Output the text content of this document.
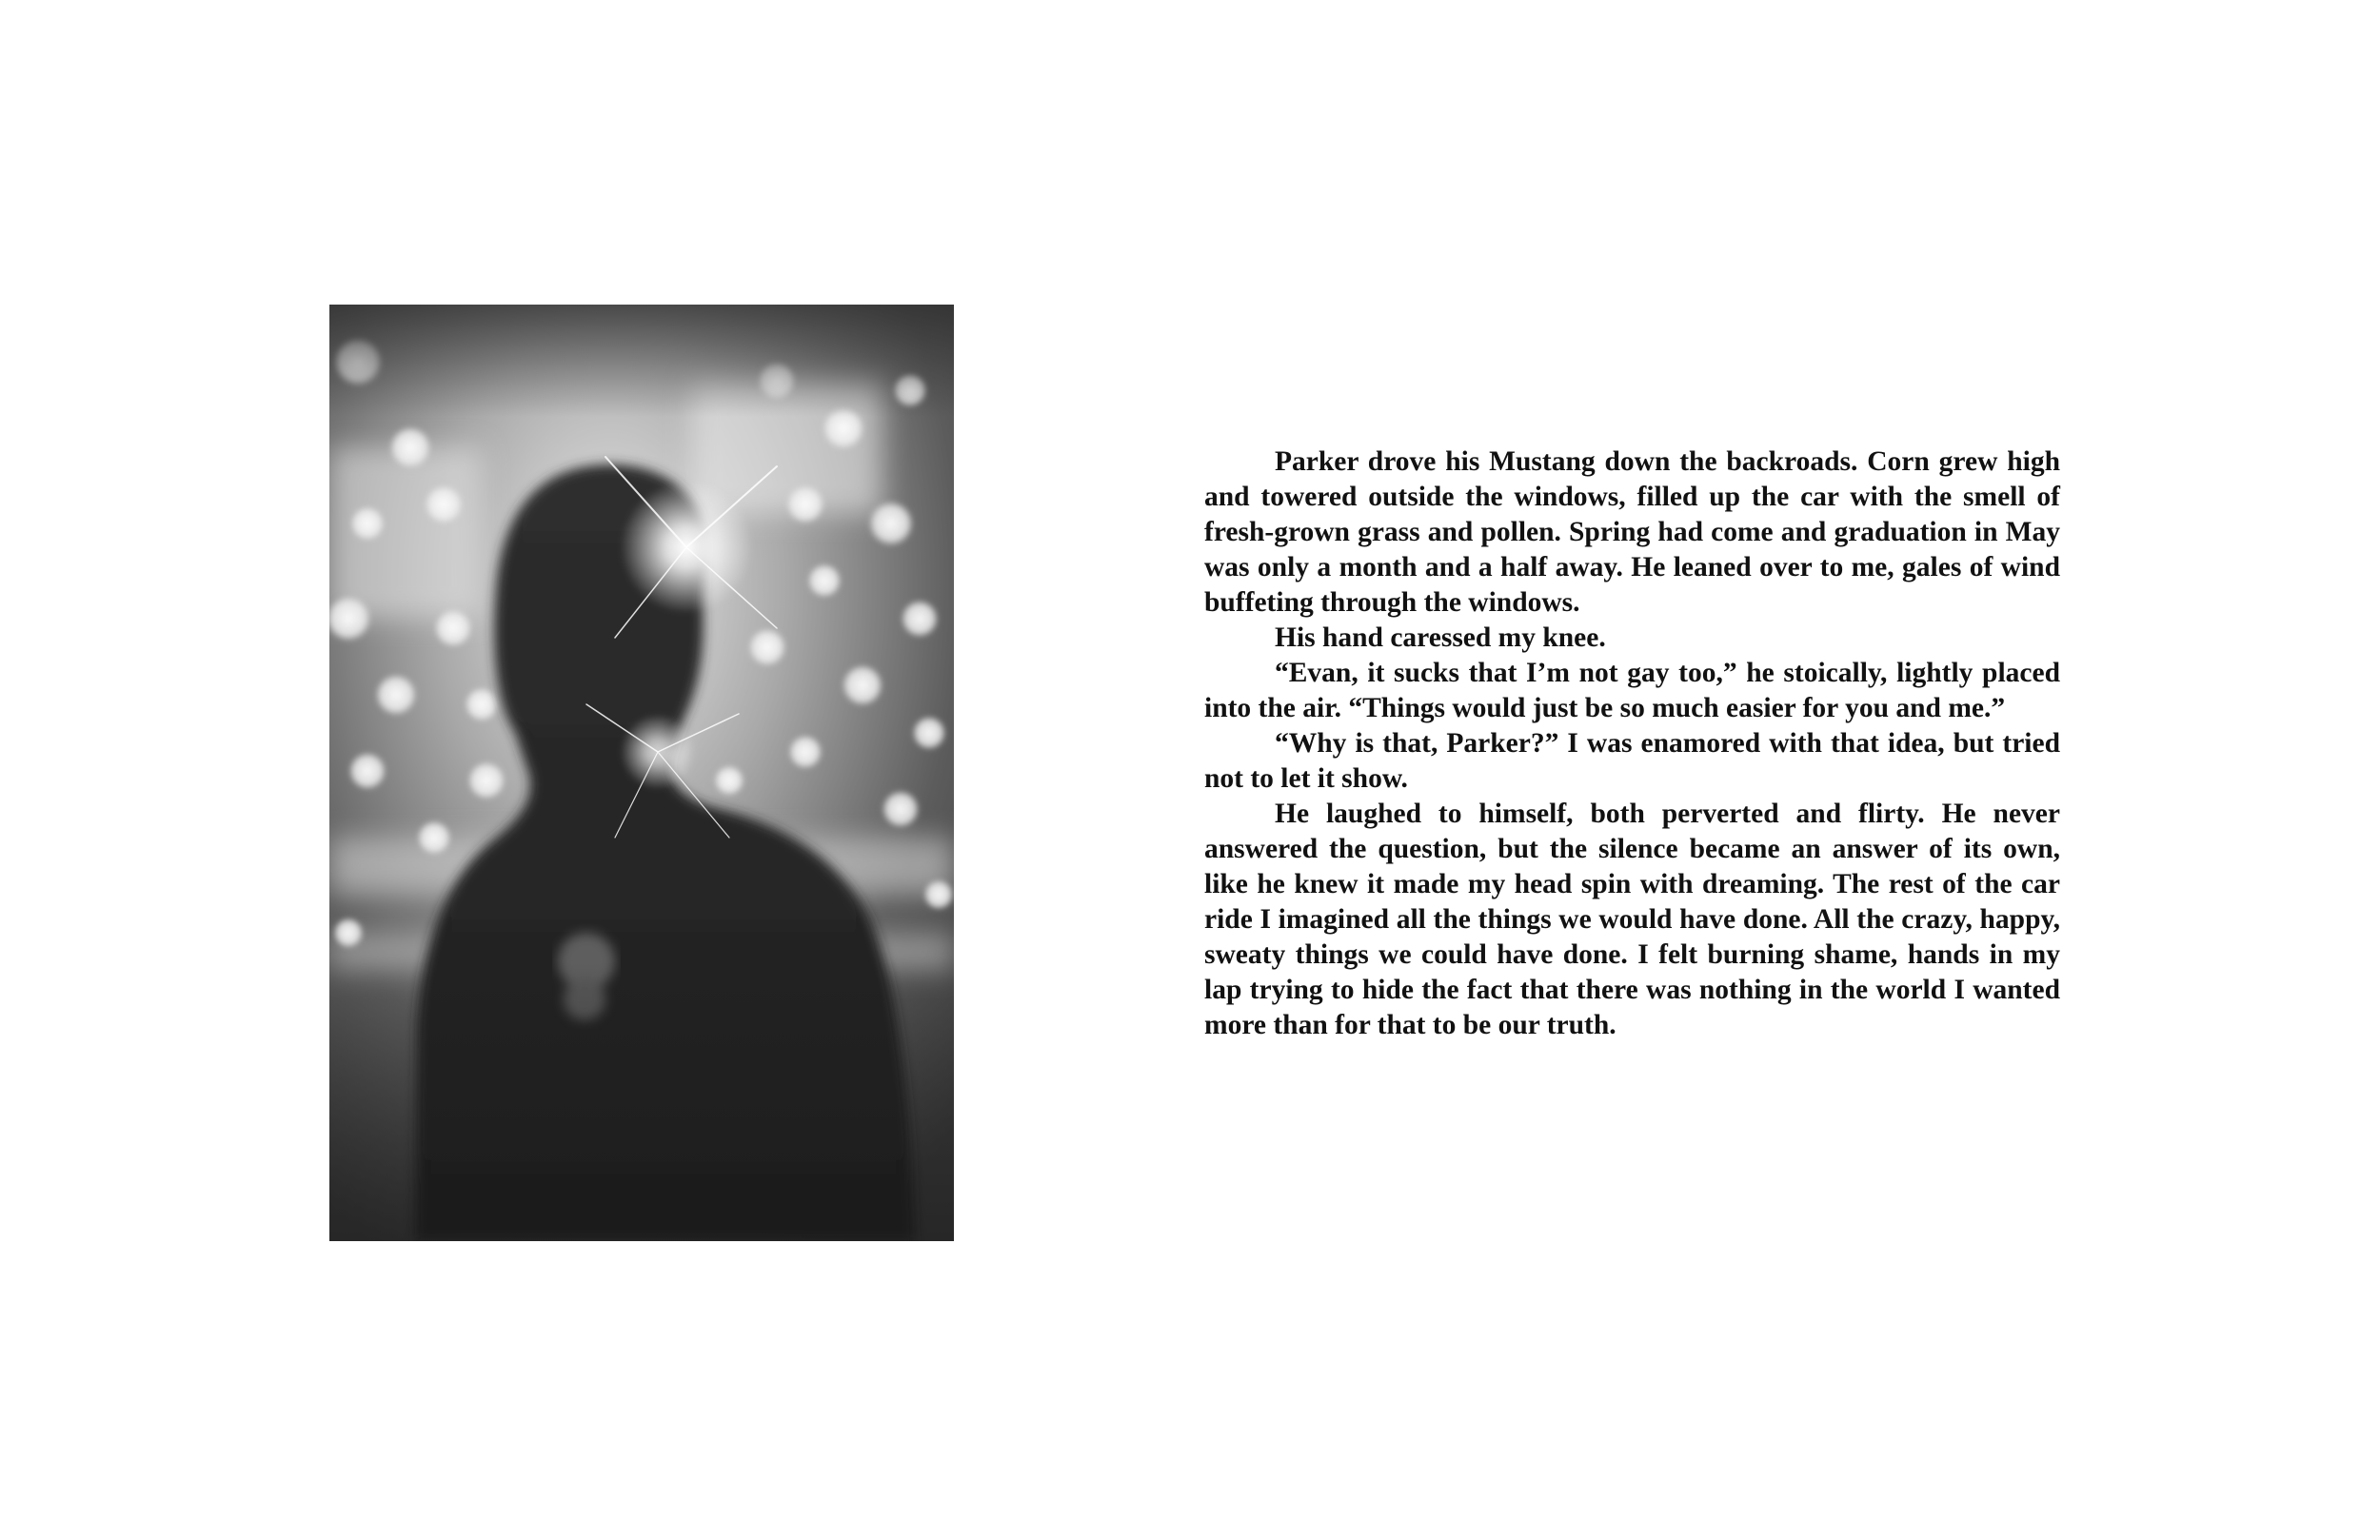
Parker drove his Mustang down the backroads. Corn grew high and towered outside the windows, filled up the car with the smell of fresh-grown grass and pollen. Spring had come and graduation in May was only a month and a half away. He leaned over to me, gales of wind buffeting through the windows.

His hand caressed my knee.

“Evan, it sucks that I’m not gay too,” he stoically, lightly placed into the air. “Things would just be so much easier for you and me.”

“Why is that, Parker?” I was enamored with that idea, but tried not to let it show.

He laughed to himself, both perverted and flirty. He never answered the question, but the silence became an answer of its own, like he knew it made my head spin with dreaming. The rest of the car ride I imagined all the things we would have done. All the crazy, happy, sweaty things we could have done. I felt burning shame, hands in my lap trying to hide the fact that there was nothing in the world I wanted more than for that to be our truth.
